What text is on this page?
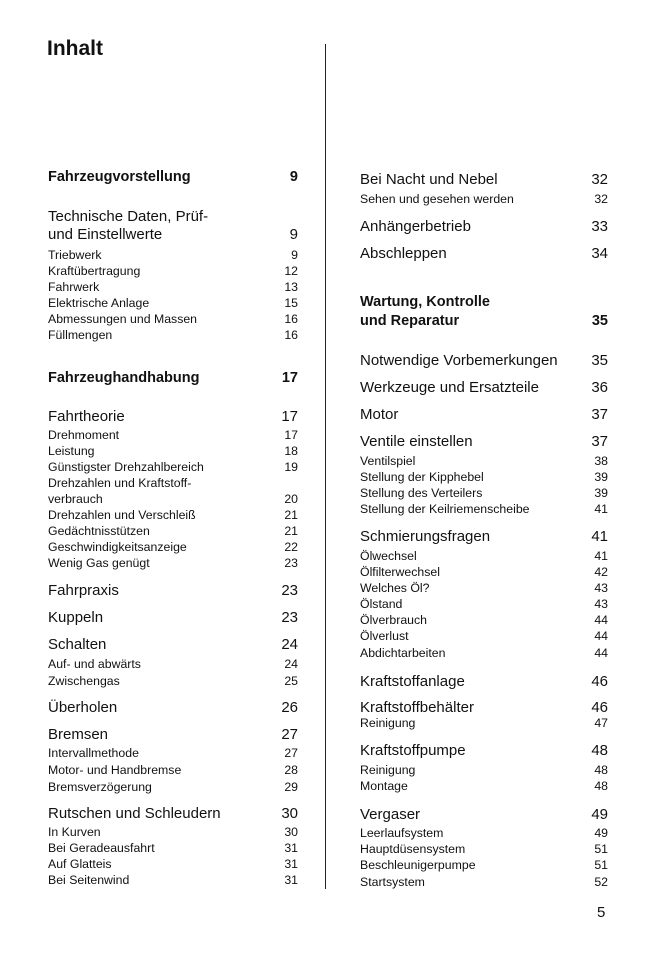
Inhalt
Fahrzeugvorstellung	9
Technische Daten, Prüf-
und Einstellwerte	9
Triebwerk	9
Kraftübertragung	12
Fahrwerk	13
Elektrische Anlage	15
Abmessungen und Massen	16
Füllmengen	16
Fahrzeughandhabung	17
Fahrtheorie	17
Drehmoment	17
Leistung	18
Günstigster Drehzahlbereich	19
Drehzahlen und Kraftstoff-
verbrauch	20
Drehzahlen und Verschleiß	21
Gedächtnisstützen	21
Geschwindigkeitsanzeige	22
Wenig Gas genügt	23
Fahrpraxis	23
Kuppeln	23
Schalten	24
Auf- und abwärts	24
Zwischengas	25
Überholen	26
Bremsen	27
Intervallmethode	27
Motor- und Handbremse	28
Bremsverzögerung	29
Rutschen und Schleudern	30
In Kurven	30
Bei Geradeausfahrt	31
Auf Glatteis	31
Bei Seitenwind	31
Bei Nacht und Nebel	32
Sehen und gesehen werden	32
Anhängerbetrieb	33
Abschleppen	34
Wartung, Kontrolle
und Reparatur	35
Notwendige Vorbemerkungen 35
Werkzeuge und Ersatzteile	36
Motor	37
Ventile einstellen	37
Ventilspiel	38
Stellung der Kipphebel	39
Stellung des Verteilers	39
Stellung der Keilriemenscheibe	41
Schmierungsfragen	41
Ölwechsel	41
Ölfilterwechsel	42
Welches Öl?	43
Ölstand	43
Ölverbrauch	44
Ölverlust	44
Abdichtarbeiten	44
Kraftstoffanlage	46
Kraftstoffbehälter	46
Reinigung	47
Kraftstoffpumpe	48
Reinigung	48
Montage	48
Vergaser	49
Leerlaufsystem	49
Hauptdüsensystem	51
Beschleunigerpumpe	51
Startsystem	52
5
